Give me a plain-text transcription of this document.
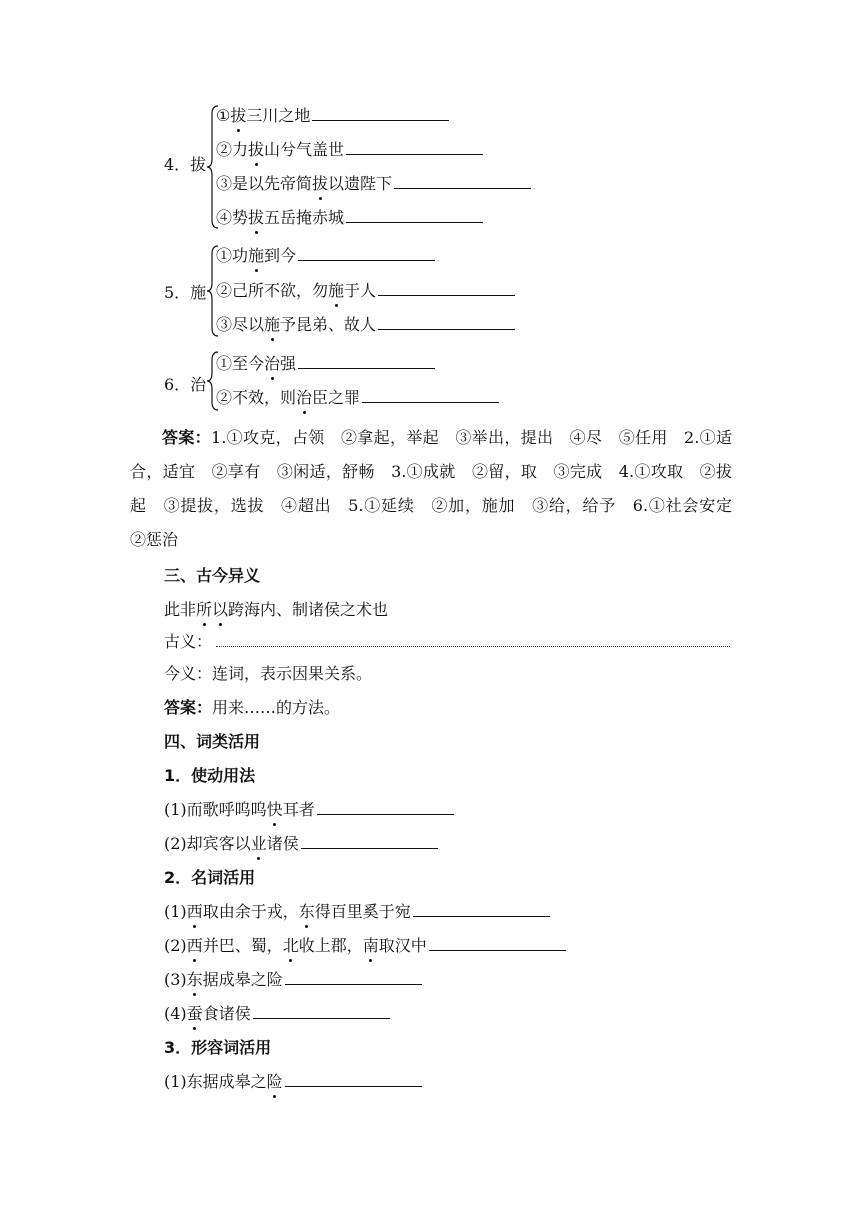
4．拔
①拔三川之地
②力拔山兮气盖世
③是以先帝简拔以遗陛下
④势拔五岳掩赤城
5．施
①功施到今
②己所不欲，勿施于人
③尽以施予昆弟、故人
6．治
①至今治强
②不效，则治臣之罪
答案：1.①攻克，占领　②拿起，举起　③举出，提出　④尽　⑤任用　2.①适合，适宜　②享有　③闲适，舒畅　3.①成就　②留，取　③完成　4.①攻取　②拔起　③提拔，选拔　④超出　5.①延续　②加，施加　③给，给予　6.①社会安定　②惩治
三、古今异义
此非所以跨海内、制诸侯之术也
古义：
今义：连词，表示因果关系。
答案：用来……的方法。
四、词类活用
1．使动用法
(1)而歌呼呜呜快耳者
(2)却宾客以业诸侯
2．名词活用
(1)西取由余于戎，东得百里奚于宛
(2)西并巴、蜀，北收上郡，南取汉中
(3)东据成皋之险
(4)蚕食诸侯
3．形容词活用
(1)东据成皋之险
